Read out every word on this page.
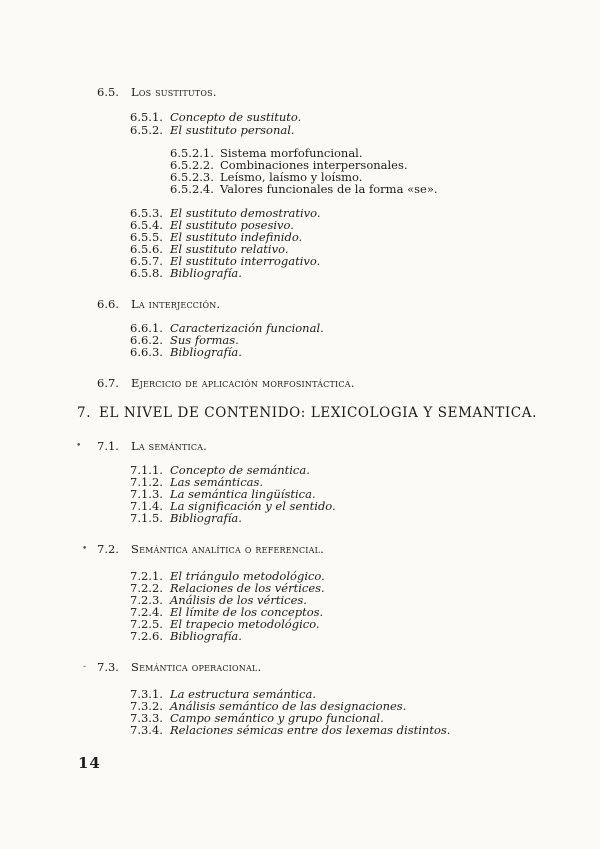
6.5. Los sustitutos.
6.5.1. Concepto de sustituto.
6.5.2. El sustituto personal.
6.5.2.1. Sistema morfofuncional.
6.5.2.2. Combinaciones interpersonales.
6.5.2.3. Leísmo, laísmo y loísmo.
6.5.2.4. Valores funcionales de la forma «se».
6.5.3. El sustituto demostrativo.
6.5.4. El sustituto posesivo.
6.5.5. El sustituto indefinido.
6.5.6. El sustituto relativo.
6.5.7. El sustituto interrogativo.
6.5.8. Bibliografía.
6.6. La interjección.
6.6.1. Caracterización funcional.
6.6.2. Sus formas.
6.6.3. Bibliografía.
6.7. Ejercicio de aplicación morfosintáctica.
7. EL NIVEL DE CONTENIDO: LEXICOLOGIA Y SEMANTICA.
7.1. La semántica.
7.1.1. Concepto de semántica.
7.1.2. Las semánticas.
7.1.3. La semántica lingüística.
7.1.4. La significación y el sentido.
7.1.5. Bibliografía.
7.2. Semántica analítica o referencial.
7.2.1. El triángulo metodológico.
7.2.2. Relaciones de los vértices.
7.2.3. Análisis de los vértices.
7.2.4. El límite de los conceptos.
7.2.5. El trapecio metodológico.
7.2.6. Bibliografía.
7.3. Semántica operacional.
7.3.1. La estructura semántica.
7.3.2. Análisis semántico de las designaciones.
7.3.3. Campo semántico y grupo funcional.
7.3.4. Relaciones sémicas entre dos lexemas distintos.
•
•
-
14
